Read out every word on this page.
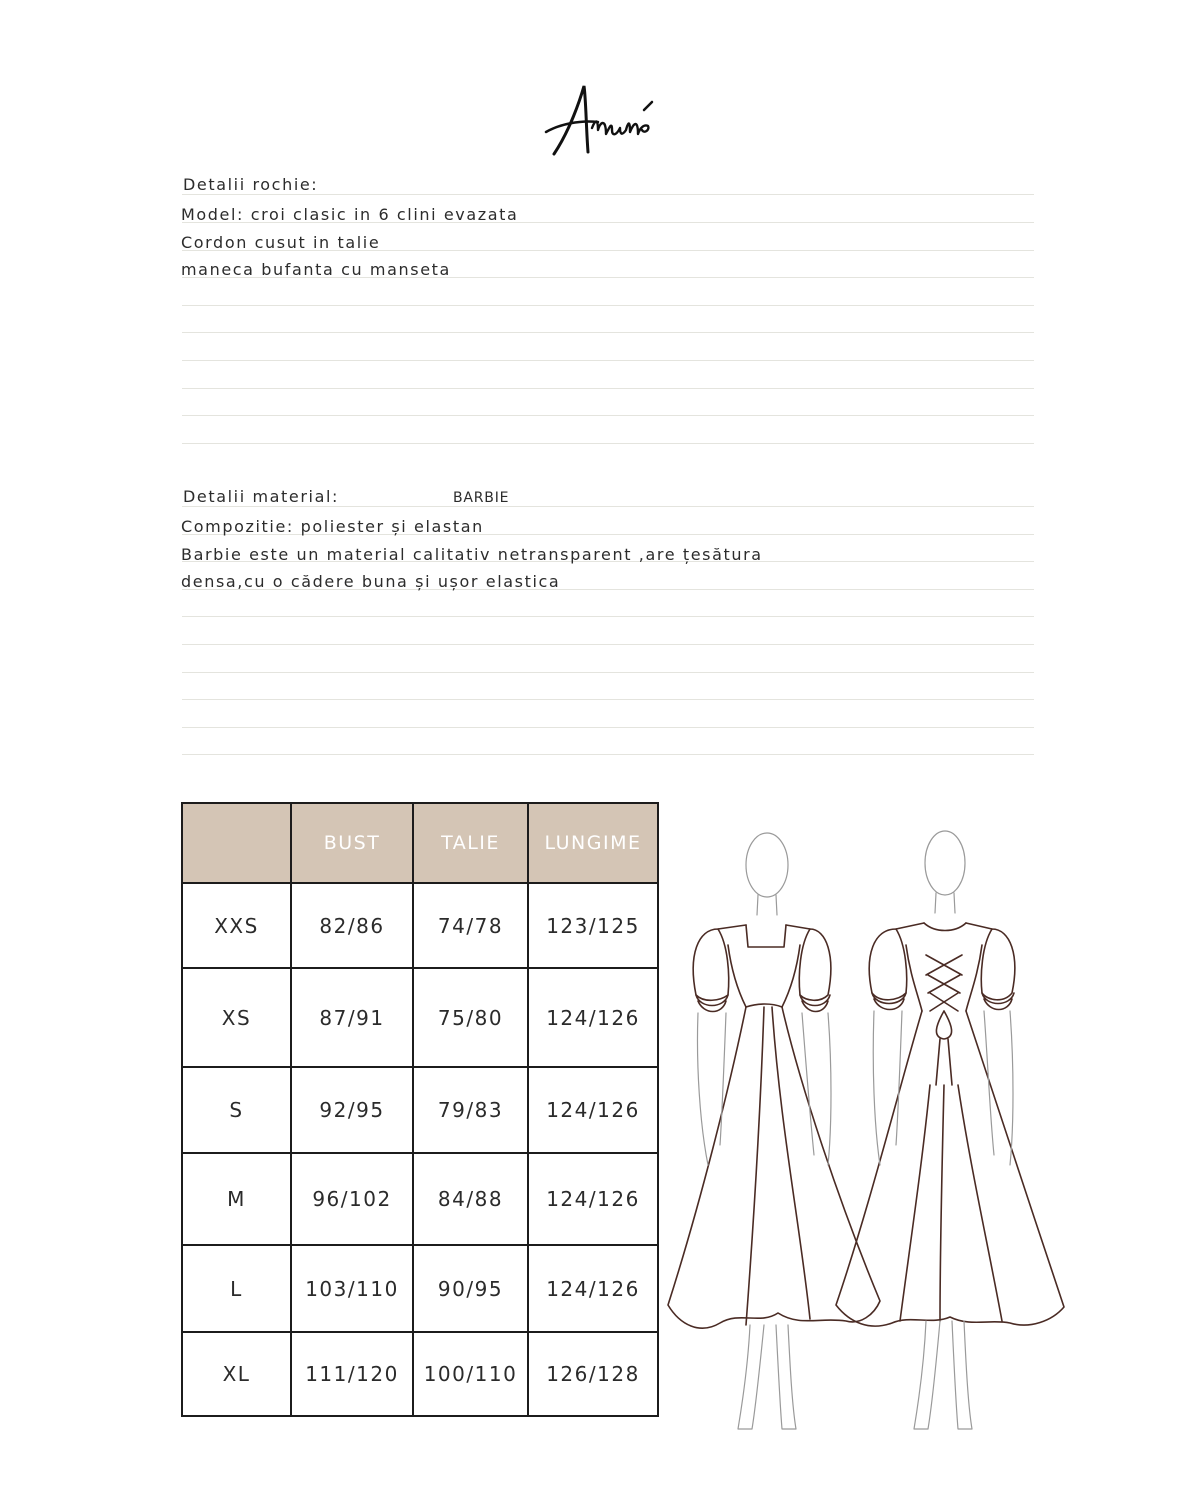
Detalii rochie:
Model: croi clasic in 6 clini evazata
Cordon cusut in talie
maneca bufanta cu manseta
Detalii material:	BARBIE
Compozitie: poliester și elastan
Barbie este un material calitativ netransparent ,are țesătura
densa,cu o cădere buna și ușor elastica
	BUST	TALIE	LUNGIME
XXS	82/86	74/78	123/125
XS	87/91	75/80	124/126
S	92/95	79/83	124/126
M	96/102	84/88	124/126
L	103/110	90/95	124/126
XL	111/120	100/110	126/128
